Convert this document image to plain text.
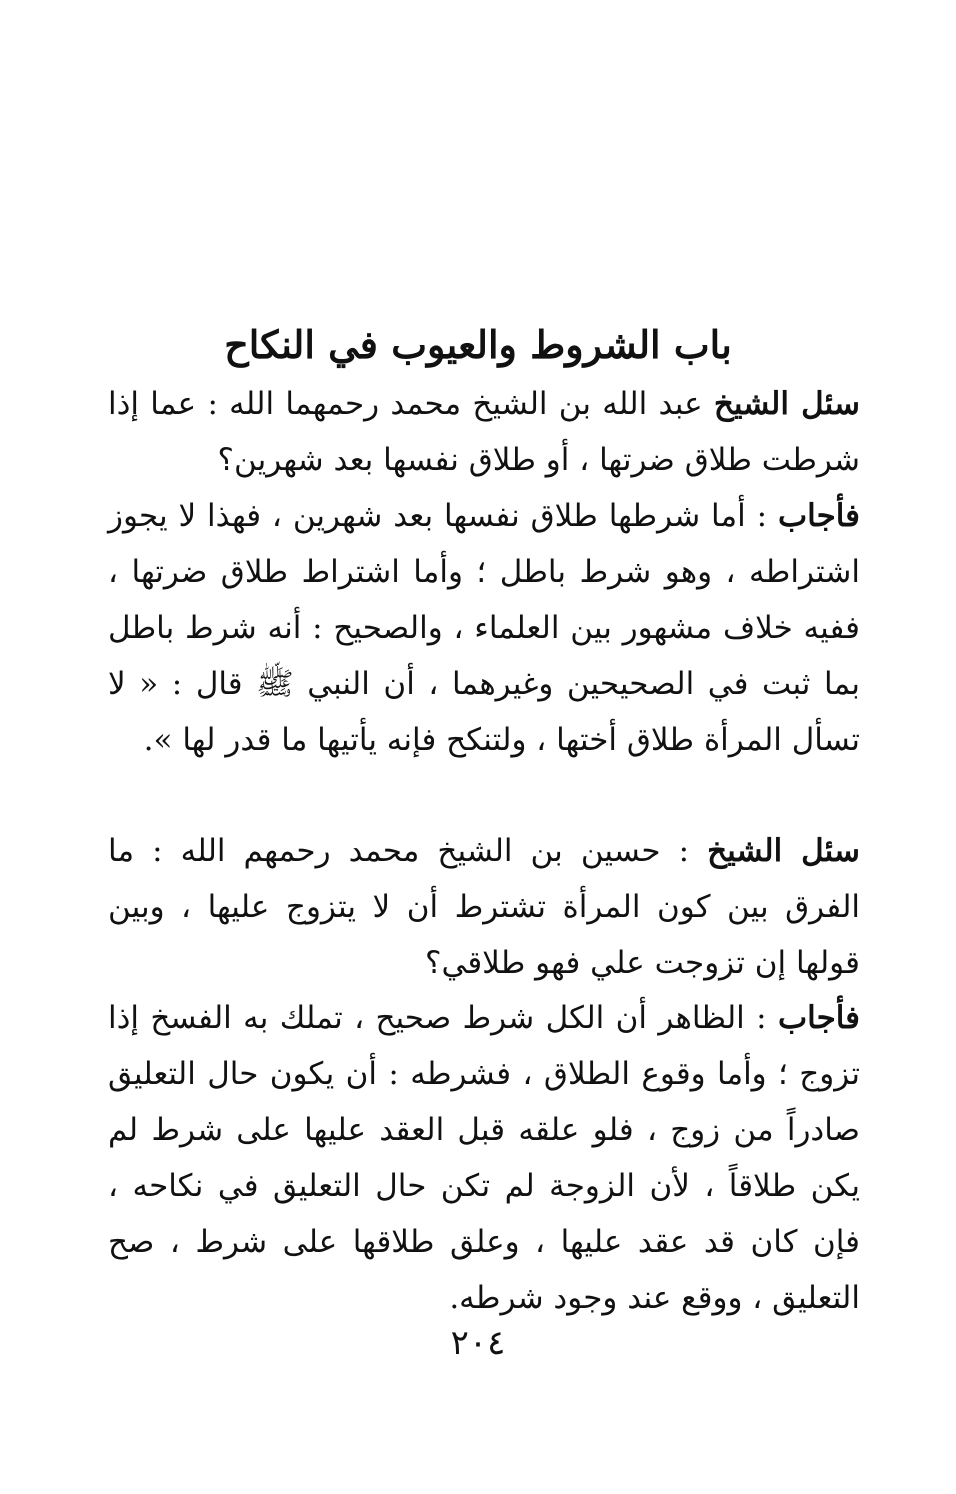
باب الشروط والعيوب في النكاح

سئل الشيخ عبد الله بن الشيخ محمد رحمهما الله : عما إذا شرطت طلاق ضرتها ، أو طلاق نفسها بعد شهرين؟

فأجاب : أما شرطها طلاق نفسها بعد شهرين ، فهذا لا يجوز اشتراطه ، وهو شرط باطل ؛ وأما اشتراط طلاق ضرتها ، ففيه خلاف مشهور بين العلماء ، والصحيح : أنه شرط باطل بما ثبت في الصحيحين وغيرهما ، أن النبي ﷺ قال : « لا تسأل المرأة طلاق أختها ، ولتنكح فإنه يأتيها ما قدر لها ».

سئل الشيخ : حسين بن الشيخ محمد رحمهم الله : ما الفرق بين كون المرأة تشترط أن لا يتزوج عليها ، وبين قولها إن تزوجت علي فهو طلاقي؟

فأجاب : الظاهر أن الكل شرط صحيح ، تملك به الفسخ إذا تزوج ؛ وأما وقوع الطلاق ، فشرطه : أن يكون حال التعليق صادراً من زوج ، فلو علقه قبل العقد عليها على شرط لم يكن طلاقاً ، لأن الزوجة لم تكن حال التعليق في نكاحه ، فإن كان قد عقد عليها ، وعلق طلاقها على شرط ، صح التعليق ، ووقع عند وجود شرطه.

٢٠٤
